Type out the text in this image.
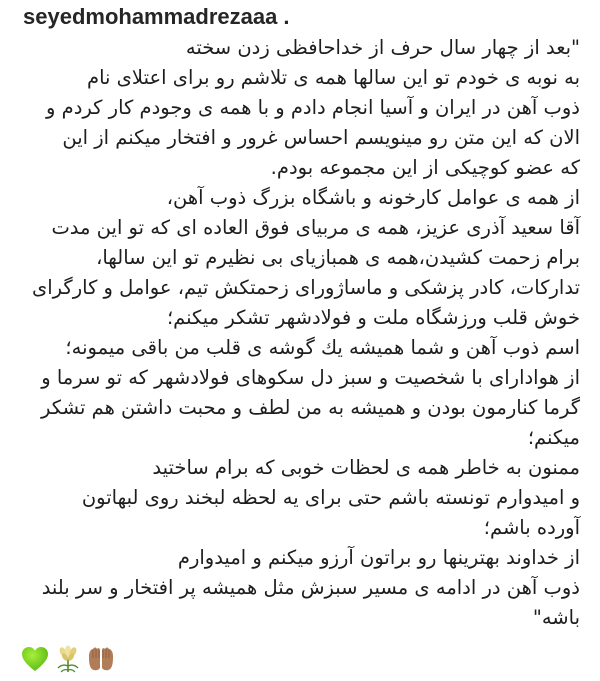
seyedmohammadrezaaa .
"بعد از چهار سال حرف از خداحافظی زدن سخته
به نوبه ی خودم تو این سالها همه ی تلاشم رو برای اعتلای نام
ذوب آهن در ایران و آسیا انجام دادم و با همه ی وجودم کار کردم و
الان که این متن رو مینویسم احساس غرور و افتخار میکنم از این
که عضو کوچیکی از این مجموعه بودم.
از همه ی عوامل کارخونه و باشگاه بزرگ ذوب آهن،
آقا سعید آذری عزیز، همه ی مربیای فوق العاده ای که تو این مدت
برام زحمت کشیدن،همه ی همبازیای بی نظیرم تو این سالها،
تدارکات، کادر پزشکی و ماساژورای زحمتکش تیم، عوامل و کارگرای
خوش قلب ورزشگاه ملت و فولادشهر تشکر میکنم؛
اسم ذوب آهن و شما همیشه یك گوشه ی قلب من باقی میمونه؛
از هوادارای با شخصیت و سبز دل سکوهای فولادشهر که تو سرما و
گرما کنارمون بودن و همیشه به من لطف و محبت داشتن هم تشکر
میکنم؛
ممنون به خاطر همه ی لحظات خوبی که برام ساختید
و امیدوارم تونسته باشم حتی برای یه لحظه لبخند روی لبهاتون
آورده باشم؛
از خداوند بهترینها رو براتون آرزو میکنم و امیدوارم
ذوب آهن در ادامه ی مسیر سبزش مثل همیشه پر افتخار و سر بلند
باشه"
